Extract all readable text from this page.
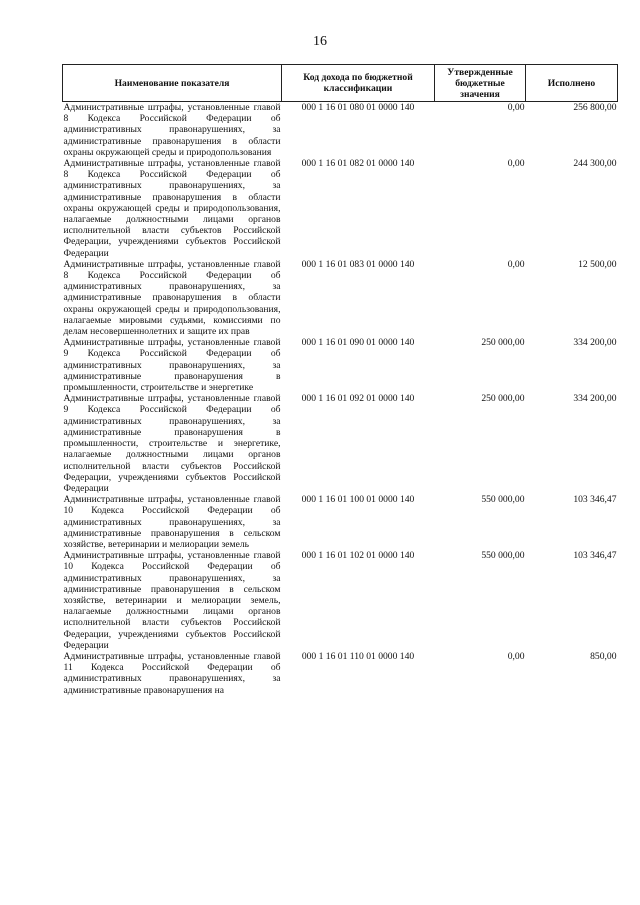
16
Наименование показателя	Код дохода по бюджетной классификации	Утвержденные бюджетные значения	Исполнено
Административные штрафы, установленные главой 8 Кодекса Российской Федерации об административных правонарушениях, за административные правонарушения в области охраны окружающей среды и природопользования	000 1 16 01 080 01 0000 140	0,00	256 800,00
Административные штрафы, установленные главой 8 Кодекса Российской Федерации об административных правонарушениях, за административные правонарушения в области охраны окружающей среды и природопользования, налагаемые должностными лицами органов исполнительной власти субъектов Российской Федерации, учреждениями субъектов Российской Федерации	000 1 16 01 082 01 0000 140	0,00	244 300,00
Административные штрафы, установленные главой 8 Кодекса Российской Федерации об административных правонарушениях, за административные правонарушения в области охраны окружающей среды и природопользования, налагаемые мировыми судьями, комиссиями по делам несовершеннолетних и защите их прав	000 1 16 01 083 01 0000 140	0,00	12 500,00
Административные штрафы, установленные главой 9 Кодекса Российской Федерации об административных правонарушениях, за административные правонарушения в промышленности, строительстве и энергетике	000 1 16 01 090 01 0000 140	250 000,00	334 200,00
Административные штрафы, установленные главой 9 Кодекса Российской Федерации об административных правонарушениях, за административные правонарушения в промышленности, строительстве и энергетике, налагаемые должностными лицами органов исполнительной власти субъектов Российской Федерации, учреждениями субъектов Российской Федерации	000 1 16 01 092 01 0000 140	250 000,00	334 200,00
Административные штрафы, установленные главой 10 Кодекса Российской Федерации об административных правонарушениях, за административные правонарушения в сельском хозяйстве, ветеринарии и мелиорации земель	000 1 16 01 100 01 0000 140	550 000,00	103 346,47
Административные штрафы, установленные главой 10 Кодекса Российской Федерации об административных правонарушениях, за административные правонарушения в сельском хозяйстве, ветеринарии и мелиорации земель, налагаемые должностными лицами органов исполнительной власти субъектов Российской Федерации, учреждениями субъектов Российской Федерации	000 1 16 01 102 01 0000 140	550 000,00	103 346,47
Административные штрафы, установленные главой 11 Кодекса Российской Федерации об административных правонарушениях, за административные правонарушения на	000 1 16 01 110 01 0000 140	0,00	850,00
